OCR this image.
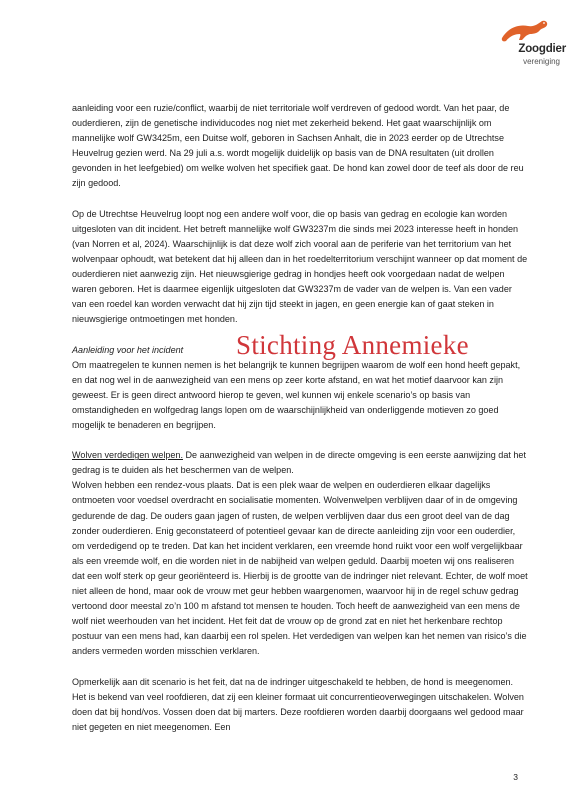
Zoogdier
vereniging

aanleiding voor een ruzie/conflict, waarbij de niet territoriale wolf verdreven of gedood wordt. Van het paar, de ouderdieren, zijn de genetische individucodes nog niet met zekerheid bekend. Het gaat waarschijnlijk om mannelijke wolf GW3425m, een Duitse wolf, geboren in Sachsen Anhalt, die in 2023 eerder op de Utrechtse Heuvelrug gezien werd. Na 29 juli a.s. wordt mogelijk duidelijk op basis van de DNA resultaten (uit drollen gevonden in het leefgebied) om welke wolven het specifiek gaat. De hond kan zowel door de teef als door de reu zijn gedood.

Op de Utrechtse Heuvelrug loopt nog een andere wolf voor, die op basis van gedrag en ecologie kan worden uitgesloten van dit incident. Het betreft mannelijke wolf GW3237m die sinds mei 2023 interesse heeft in honden (van Norren et al, 2024). Waarschijnlijk is dat deze wolf zich vooral aan de periferie van het territorium van het wolvenpaar ophoudt, wat betekent dat hij alleen dan in het roedelterritorium verschijnt wanneer op dat moment de ouderdieren niet aanwezig zijn. Het nieuwsgierige gedrag in hondjes heeft ook voorgedaan nadat de welpen waren geboren. Het is daarmee eigenlijk uitgesloten dat GW3237m de vader van de welpen is. Van een vader van een roedel kan worden verwacht dat hij zijn tijd steekt in jagen, en geen energie kan of gaat steken in nieuwsgierige ontmoetingen met honden.

Aanleiding voor het incident

Om maatregelen te kunnen nemen is het belangrijk te kunnen begrijpen waarom de wolf een hond heeft gepakt, en dat nog wel in de aanwezigheid van een mens op zeer korte afstand, en wat het motief daarvoor kan zijn geweest. Er is geen direct antwoord hierop te geven, wel kunnen wij enkele scenario’s op basis van omstandigheden en wolfgedrag langs lopen om de waarschijnlijkheid van onderliggende motieven zo goed mogelijk te benaderen en begrijpen.

Wolven verdedigen welpen. De aanwezigheid van welpen in de directe omgeving is een eerste aanwijzing dat het gedrag is te duiden als het beschermen van de welpen.

Wolven hebben een rendez-vous plaats. Dat is een plek waar de welpen en ouderdieren elkaar dagelijks ontmoeten voor voedsel overdracht en socialisatie momenten. Wolvenwelpen verblijven daar of in de omgeving gedurende de dag. De ouders gaan jagen of rusten, de welpen verblijven daar dus een groot deel van de dag zonder ouderdieren. Enig geconstateerd of potentieel gevaar kan de directe aanleiding zijn voor een ouderdier, om verdedigend op te treden. Dat kan het incident verklaren, een vreemde hond ruikt voor een wolf vergelijkbaar als een vreemde wolf, en die worden niet in de nabijheid van welpen geduld. Daarbij moeten wij ons realiseren dat een wolf sterk op geur georiënteerd is. Hierbij is de grootte van de indringer niet relevant. Echter, de wolf moet niet alleen de hond, maar ook de vrouw met geur hebben waargenomen, waarvoor hij in de regel schuw gedrag vertoond door meestal zo’n 100 m afstand tot mensen te houden. Toch heeft de aanwezigheid van een mens de wolf niet weerhouden van het incident. Het feit dat de vrouw op de grond zat en niet het herkenbare rechtop postuur van een mens had, kan daarbij een rol spelen. Het verdedigen van welpen kan het nemen van risico’s die anders vermeden worden misschien verklaren.

Opmerkelijk aan dit scenario is het feit, dat na de indringer uitgeschakeld te hebben, de hond is meegenomen. Het is bekend van veel roofdieren, dat zij een kleiner formaat uit concurrentieoverwegingen uitschakelen. Wolven doen dat bij hond/vos. Vossen doen dat bij marters. Deze roofdieren worden daarbij doorgaans wel gedood maar niet gegeten en niet meegenomen. Een

Stichting Annemieke
3
